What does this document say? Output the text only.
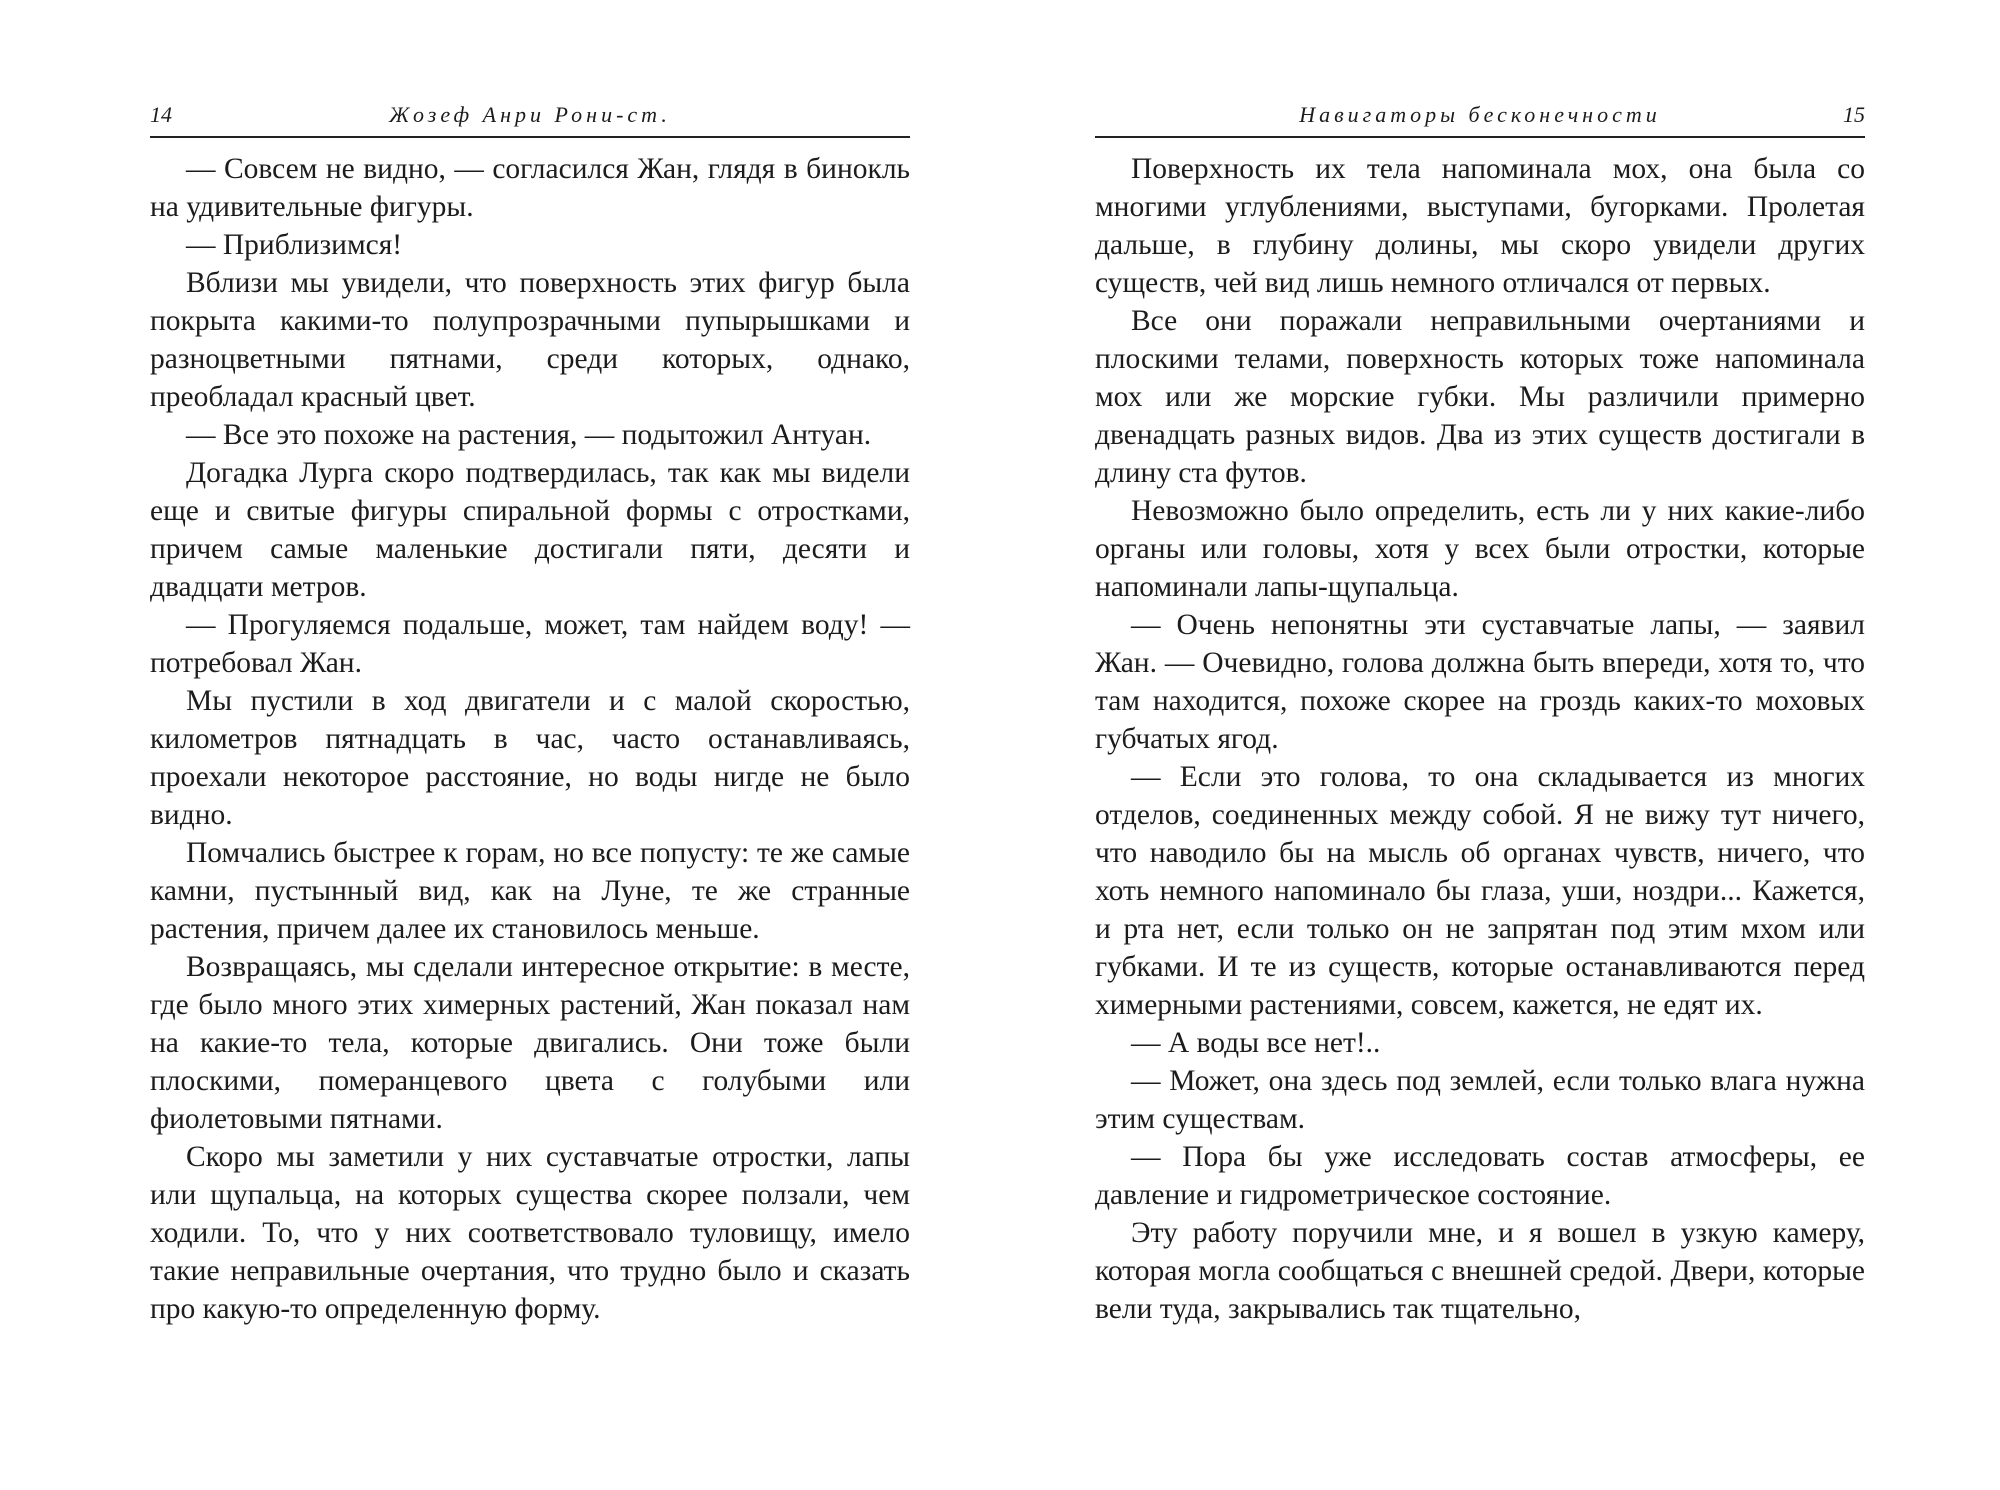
14	Жозеф Анри Рони-ст.

— Совсем не видно, — согласился Жан, глядя в бинокль на удивительные фигуры.

— Приблизимся!

Вблизи мы увидели, что поверхность этих фигур была покрыта какими-то полупрозрачными пупырышками и разноцветными пятнами, среди которых, однако, преобладал красный цвет.

— Все это похоже на растения, — подытожил Антуан.

Догадка Лурга скоро подтвердилась, так как мы видели еще и свитые фигуры спиральной формы с отростками, причем самые маленькие достигали пяти, десяти и двадцати метров.

— Прогуляемся подальше, может, там найдем воду! — потребовал Жан.

Мы пустили в ход двигатели и с малой скоростью, километров пятнадцать в час, часто останавливаясь, проехали некоторое расстояние, но воды нигде не было видно.

Помчались быстрее к горам, но все попусту: те же самые камни, пустынный вид, как на Луне, те же странные растения, причем далее их становилось меньше.

Возвращаясь, мы сделали интересное открытие: в месте, где было много этих химерных растений, Жан показал нам на какие-то тела, которые двигались. Они тоже были плоскими, померанцевого цвета с голубыми или фиолетовыми пятнами.

Скоро мы заметили у них суставчатые отростки, лапы или щупальца, на которых существа скорее ползали, чем ходили. То, что у них соответствовало туловищу, имело такие неправильные очертания, что трудно было и сказать про какую-то определенную форму.

Навигаторы бесконечности	15

Поверхность их тела напоминала мох, она была со многими углублениями, выступами, бугорками. Пролетая дальше, в глубину долины, мы скоро увидели других существ, чей вид лишь немного отличался от первых.

Все они поражали неправильными очертаниями и плоскими телами, поверхность которых тоже напоминала мох или же морские губки. Мы различили примерно двенадцать разных видов. Два из этих существ достигали в длину ста футов.

Невозможно было определить, есть ли у них какие-либо органы или головы, хотя у всех были отростки, которые напоминали лапы-щупальца.

— Очень непонятны эти суставчатые лапы, — заявил Жан. — Очевидно, голова должна быть впереди, хотя то, что там находится, похоже скорее на гроздь каких-то моховых губчатых ягод.

— Если это голова, то она складывается из многих отделов, соединенных между собой. Я не вижу тут ничего, что наводило бы на мысль об органах чувств, ничего, что хоть немного напоминало бы глаза, уши, ноздри... Кажется, и рта нет, если только он не запрятан под этим мхом или губками. И те из существ, которые останавливаются перед химерными растениями, совсем, кажется, не едят их.

— А воды все нет!..

— Может, она здесь под землей, если только влага нужна этим существам.

— Пора бы уже исследовать состав атмосферы, ее давление и гидрометрическое состояние.

Эту работу поручили мне, и я вошел в узкую камеру, которая могла сообщаться с внешней средой. Двери, которые вели туда, закрывались так тщательно,
